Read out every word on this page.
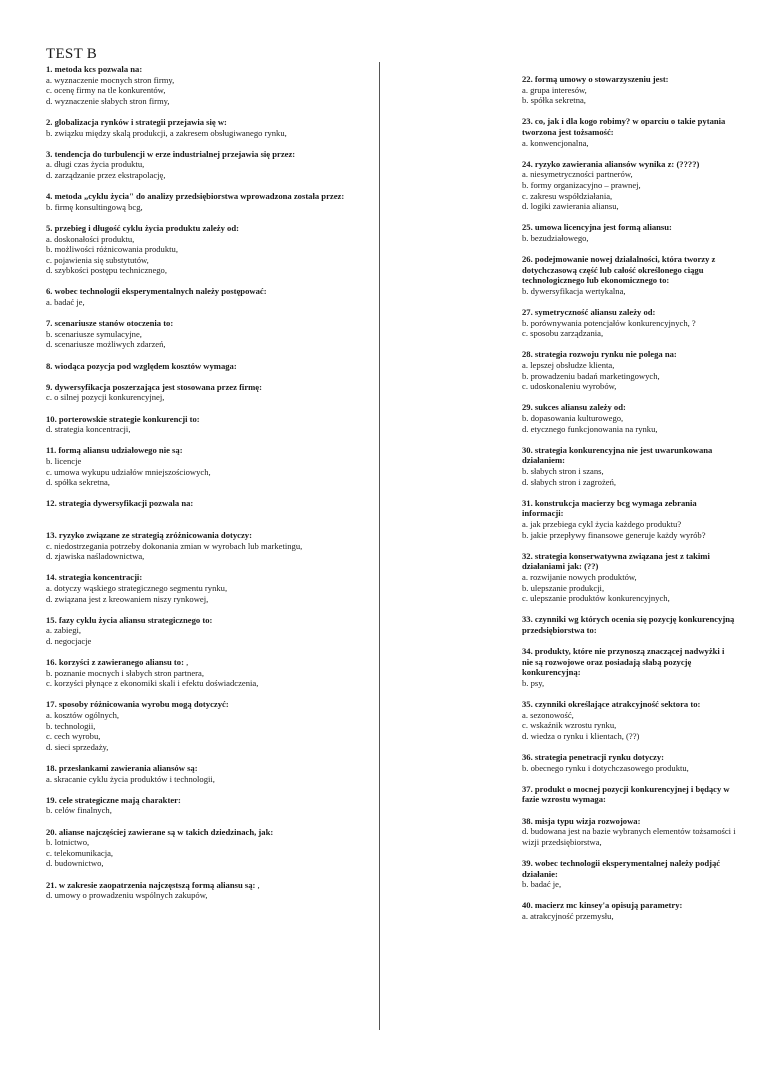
TEST B
1. metoda kcs pozwala na:
a. wyznaczenie mocnych stron firmy,
c. ocenę firmy na tle konkurentów,
d. wyznaczenie słabych stron firmy,
2. globalizacja rynków i strategii przejawia się w:
b. związku między skalą produkcji, a zakresem obsługiwanego rynku,
3. tendencja do turbulencji w erze industrialnej przejawia się przez:
a. długi czas życia produktu,
d. zarządzanie przez ekstrapolację,
4. metoda „cyklu życia" do analizy przedsiębiorstwa wprowadzona została przez:
b. firmę konsultingową bcg,
5. przebieg i długość cyklu życia produktu zależy od:
a. doskonałości produktu,
b. możliwości różnicowania produktu,
c. pojawienia się substytutów,
d. szybkości postępu technicznego,
6. wobec technologii eksperymentalnych należy postępować:
a. badać je,
7. scenariusze stanów otoczenia to:
b. scenariusze symulacyjne,
d. scenariusze możliwych zdarzeń,
8. wiodąca pozycja pod względem kosztów wymaga:
9. dywersyfikacja poszerzająca jest stosowana przez firmę:
c. o silnej pozycji konkurencyjnej,
10. porterowskie strategie konkurencji to:
d. strategia koncentracji,
11. formą aliansu udziałowego nie są:
b. licencje
c. umowa wykupu udziałów mniejszościowych,
d. spółka sekretna,
12. strategia dywersyfikacji pozwala na:
13. ryzyko związane ze strategią zróżnicowania dotyczy:
c. niedostrzegania potrzeby dokonania zmian w wyrobach lub marketingu,
d. zjawiska naśladownictwa,
14. strategia koncentracji:
a. dotyczy wąskiego strategicznego segmentu rynku,
d. związana jest z kreowaniem niszy rynkowej,
15. fazy cyklu życia aliansu strategicznego to:
a. zabiegi,
d. negocjacje
16. korzyści z zawieranego aliansu to: ,
b. poznanie mocnych i słabych stron partnera,
c. korzyści płynące z ekonomiki skali i efektu doświadczenia,
17. sposoby różnicowania wyrobu mogą dotyczyć:
a. kosztów ogólnych,
b. technologii,
c. cech wyrobu,
d. sieci sprzedaży,
18. przesłankami zawierania aliansów są:
a. skracanie cyklu życia produktów i technologii,
19. cele strategiczne mają charakter:
b. celów finalnych,
20. alianse najczęściej zawierane są w takich dziedzinach, jak:
b. lotnictwo,
c. telekomunikacja,
d. budownictwo,
21. w zakresie zaopatrzenia najczęstszą formą aliansu są: ,
d. umowy o prowadzeniu wspólnych zakupów,
22. formą umowy o stowarzyszeniu jest:
a. grupa interesów,
b. spółka sekretna,
23. co, jak i dla kogo robimy? w oparciu o takie pytania tworzona jest tożsamość:
a. konwencjonalna,
24. ryzyko zawierania aliansów wynika z: (????)
a. niesymetryczności partnerów,
b. formy organizacyjno – prawnej,
c. zakresu współdziałania,
d. logiki zawierania aliansu,
25. umowa licencyjna jest formą aliansu:
b. bezudziałowego,
26. podejmowanie nowej działalności, która tworzy z dotychczasową część lub całość określonego ciągu technologicznego lub ekonomicznego to:
b. dywersyfikacja wertykalna,
27. symetryczność aliansu zależy od:
b. porównywania potencjałów konkurencyjnych, ?
c. sposobu zarządzania,
28. strategia rozwoju rynku nie polega na:
a. lepszej obsłudze klienta,
b. prowadzeniu badań marketingowych,
c. udoskonaleniu wyrobów,
29. sukces aliansu zależy od:
b. dopasowania kulturowego,
d. etycznego funkcjonowania na rynku,
30. strategia konkurencyjna nie jest uwarunkowana działaniem:
b. słabych stron i szans,
d. słabych stron i zagrożeń,
31. konstrukcja macierzy bcg wymaga zebrania informacji:
a. jak przebiega cykl życia każdego produktu?
b. jakie przepływy finansowe generuje każdy wyrób?
32. strategia konserwatywna związana jest z takimi działaniami jak: (??)
a. rozwijanie nowych produktów,
b. ulepszanie produkcji,
c. ulepszanie produktów konkurencyjnych,
33. czynniki wg których ocenia się pozycję konkurencyjną przedsiębiorstwa to:
34. produkty, które nie przynoszą znaczącej nadwyżki i nie są rozwojowe oraz posiadają słabą pozycję konkurencyjną:
b. psy,
35. czynniki określające atrakcyjność sektora to:
a. sezonowość,
c. wskaźnik wzrostu rynku,
d. wiedza o rynku i klientach, (??)
36. strategia penetracji rynku dotyczy:
b. obecnego rynku i dotychczasowego produktu,
37. produkt o mocnej pozycji konkurencyjnej i będący w fazie wzrostu wymaga:
38. misja typu wizja rozwojowa:
d. budowana jest na bazie wybranych elementów tożsamości i wizji przedsiębiorstwa,
39. wobec technologii eksperymentalnej należy podjąć działanie:
b. badać je,
40. macierz mc kinsey'a opisują parametry:
a. atrakcyjność przemysłu,
